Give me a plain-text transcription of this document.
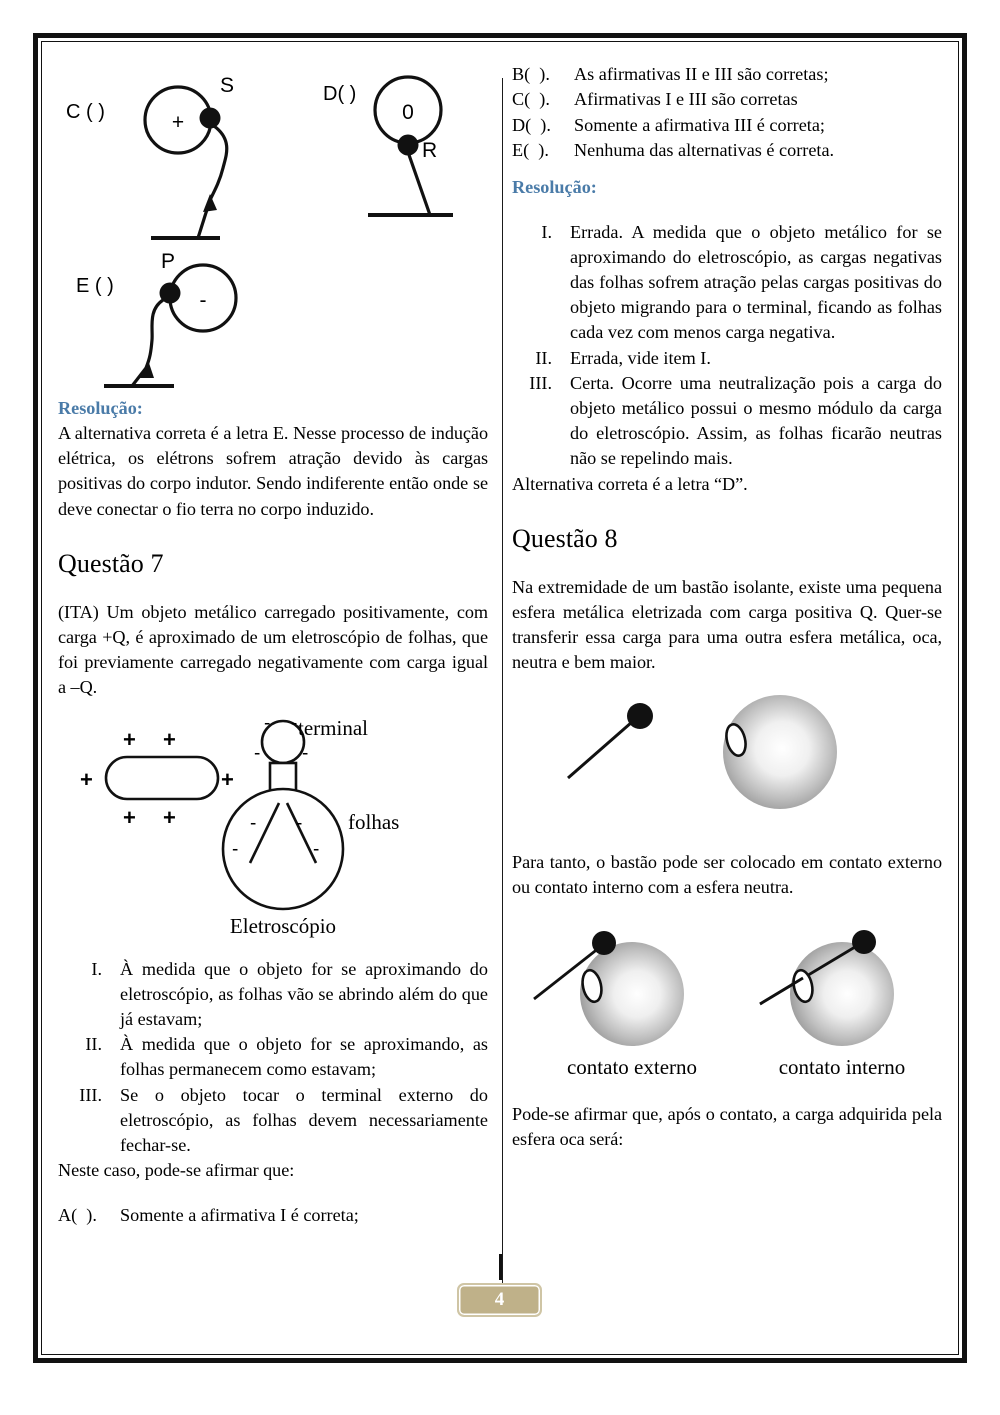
C ( )	+
S	D( )
0
R
E ( )
-
P

Resolução:

A alternativa correta é a letra E. Nesse processo de indução elétrica, os elétrons sofrem atração devido às cargas positivas do corpo indutor. Sendo indiferente então onde se deve conectar o fio terra no corpo induzido.

Questão 7

(ITA) Um objeto metálico carregado positivamente, com carga +Q, é aproximado de um eletroscópio de folhas, que foi previamente carregado negativamente com carga igual a –Q.

+ +
+ +
+	+
- -
- -
terminal
- -
-	-
folhas
Eletroscópio
I. À medida que o objeto for se aproximando do eletroscópio, as folhas vão se abrindo além do que já estavam;
II. À medida que o objeto for se aproximando, as folhas permanecem como estavam;
III. Se o objeto tocar o terminal externo do eletroscópio, as folhas devem necessariamente fechar-se.

Neste caso, pode-se afirmar que:

A(  ).	Somente a afirmativa I é correta;
B(  ).	As afirmativas II e III são corretas;
C(  ).	Afirmativas I e III são corretas
D(  ).	Somente a afirmativa III é correta;
E(  ).	Nenhuma das alternativas é correta.

Resolução:

I. Errada. A medida que o objeto metálico for se aproximando do eletroscópio, as cargas negativas das folhas sofrem atração pelas cargas positivas do objeto migrando para o terminal, ficando as folhas cada vez com menos carga negativa.
II. Errada, vide item I.
III. Certa. Ocorre uma neutralização pois a carga do objeto metálico possui o mesmo módulo da carga do eletroscópio. Assim, as folhas ficarão neutras não se repelindo mais.

Alternativa correta é a letra “D”.

Questão 8

Na extremidade de um bastão isolante, existe uma pequena esfera metálica eletrizada com carga positiva Q. Quer-se transferir essa carga para uma outra esfera metálica, oca, neutra e bem maior.

Para tanto, o bastão pode ser colocado em contato externo ou contato interno com a esfera neutra.

contato externo	contato interno

Pode-se afirmar que, após o contato, a carga adquirida pela esfera oca será:

4
